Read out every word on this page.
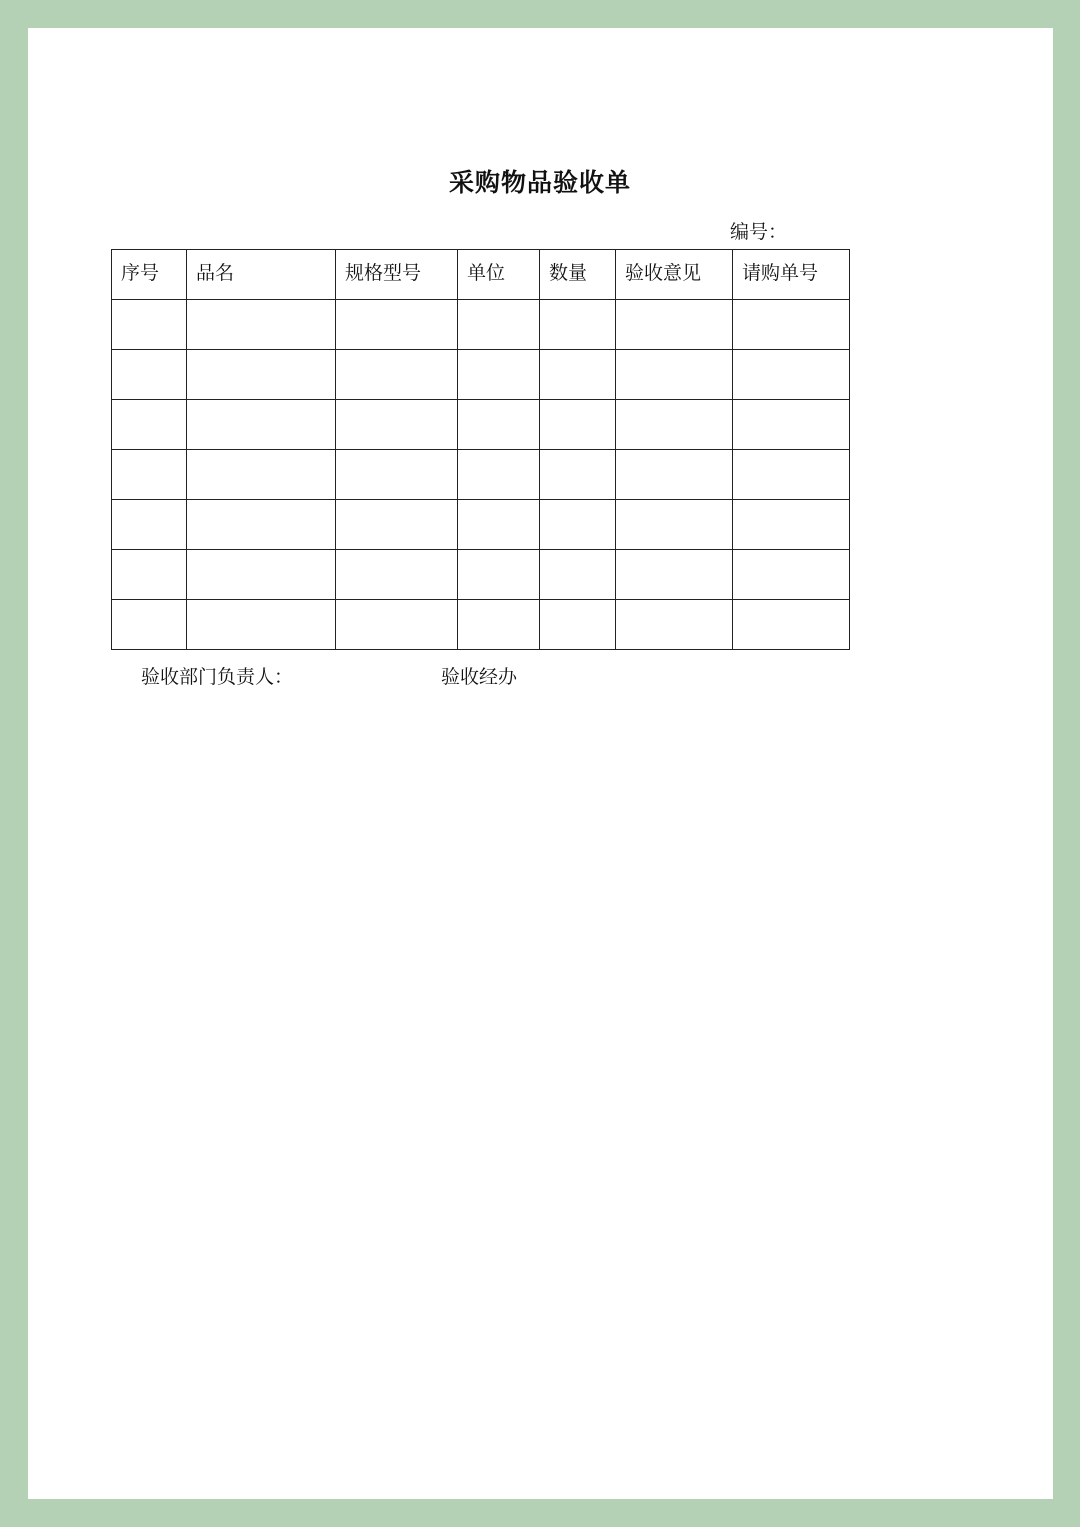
采购物品验收单
编号：
序号	品名	规格型号	单位	数量	验收意见	请购单号

验收部门负责人：	验收经办
